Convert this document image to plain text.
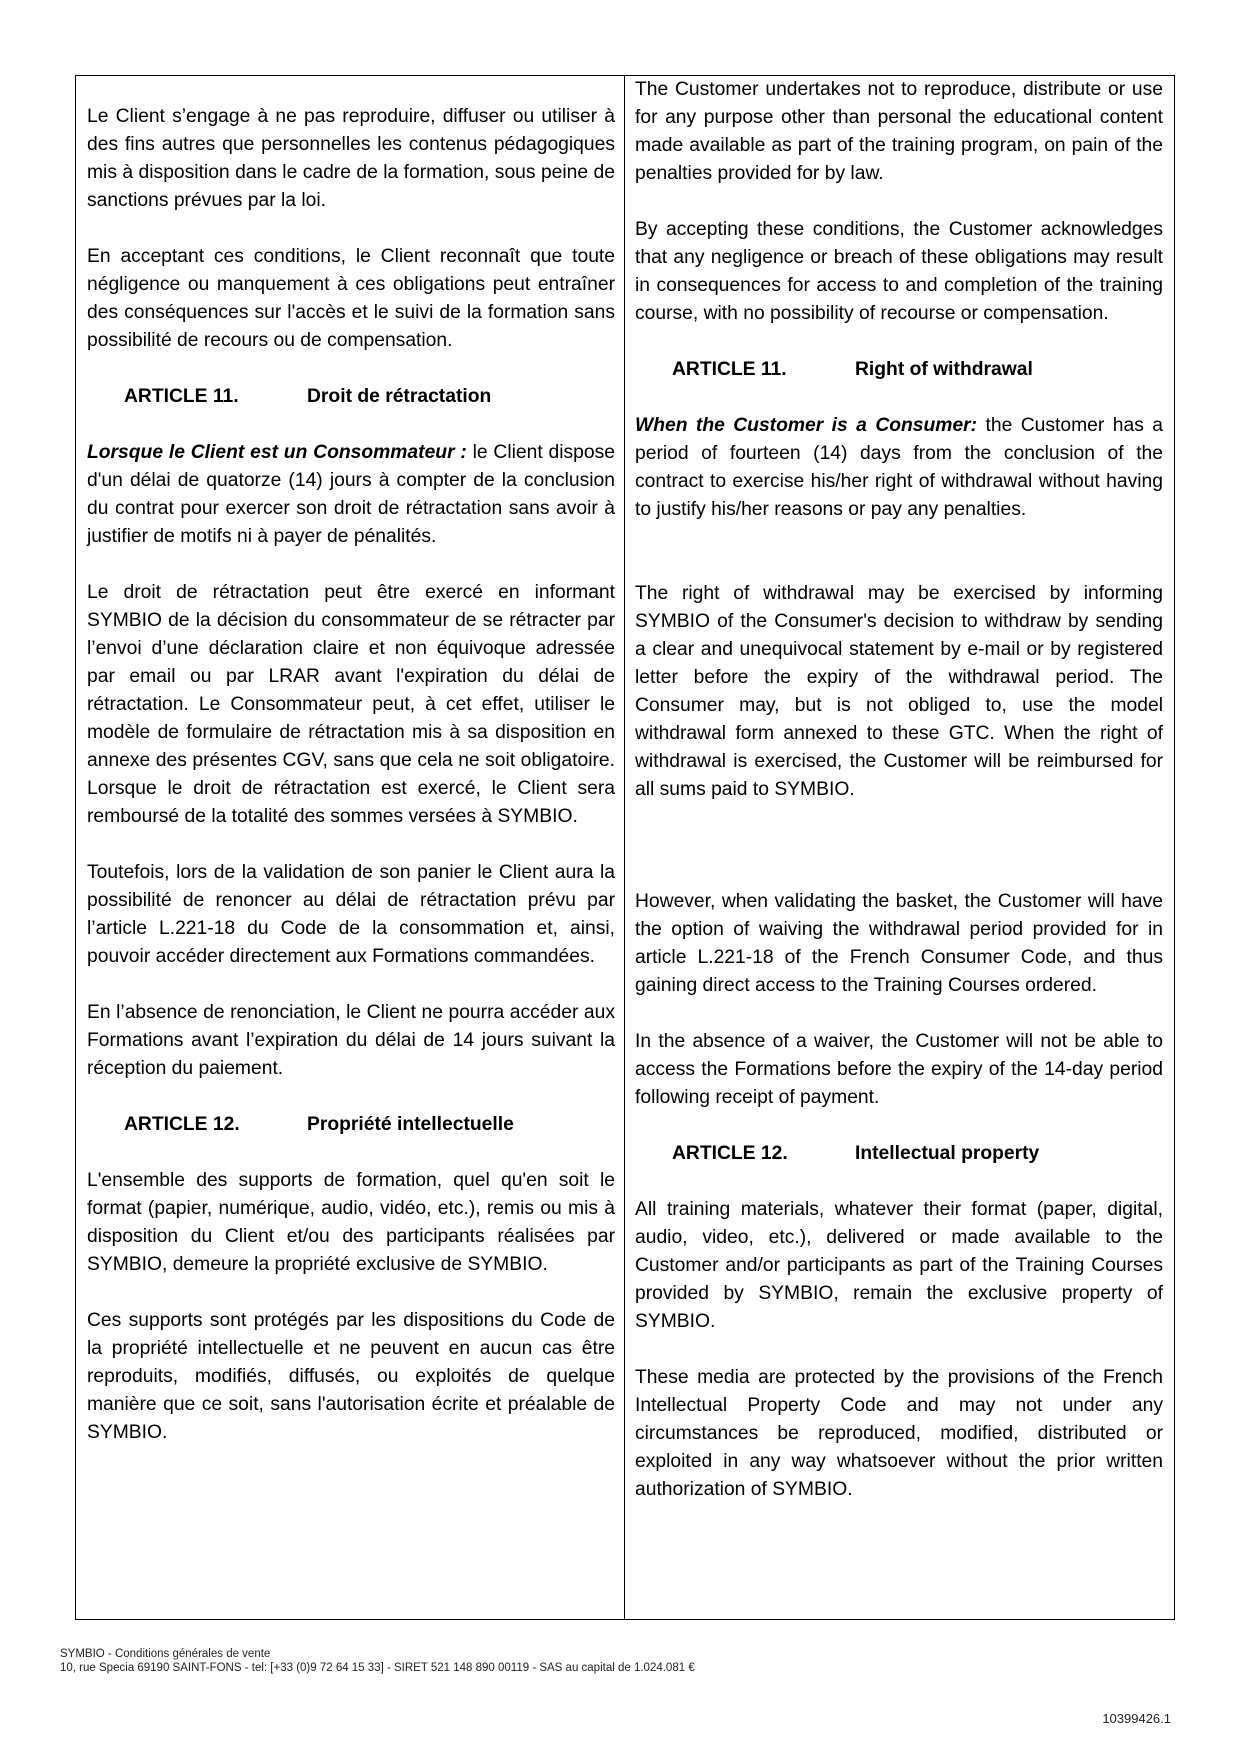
Le Client s’engage à ne pas reproduire, diffuser ou utiliser à des fins autres que personnelles les contenus pédagogiques mis à disposition dans le cadre de la formation, sous peine de sanctions prévues par la loi.

En acceptant ces conditions, le Client reconnaît que toute négligence ou manquement à ces obligations peut entraîner des conséquences sur l'accès et le suivi de la formation sans possibilité de recours ou de compensation.

ARTICLE 11.	Droit de rétractation

Lorsque le Client est un Consommateur : le Client dispose d'un délai de quatorze (14) jours à compter de la conclusion du contrat pour exercer son droit de rétractation sans avoir à justifier de motifs ni à payer de pénalités.

Le droit de rétractation peut être exercé en informant SYMBIO de la décision du consommateur de se rétracter par l’envoi d’une déclaration claire et non équivoque adressée par email ou par LRAR avant l'expiration du délai de rétractation. Le Consommateur peut, à cet effet, utiliser le modèle de formulaire de rétractation mis à sa disposition en annexe des présentes CGV, sans que cela ne soit obligatoire. Lorsque le droit de rétractation est exercé, le Client sera remboursé de la totalité des sommes versées à SYMBIO.

Toutefois, lors de la validation de son panier le Client aura la possibilité de renoncer au délai de rétractation prévu par l’article L.221-18 du Code de la consommation et, ainsi, pouvoir accéder directement aux Formations commandées.

En l’absence de renonciation, le Client ne pourra accéder aux Formations avant l’expiration du délai de 14 jours suivant la réception du paiement.

ARTICLE 12.	Propriété intellectuelle

L'ensemble des supports de formation, quel qu'en soit le format (papier, numérique, audio, vidéo, etc.), remis ou mis à disposition du Client et/ou des participants réalisées par SYMBIO, demeure la propriété exclusive de SYMBIO.

Ces supports sont protégés par les dispositions du Code de la propriété intellectuelle et ne peuvent en aucun cas être reproduits, modifiés, diffusés, ou exploités de quelque manière que ce soit, sans l'autorisation écrite et préalable de SYMBIO.

The Customer undertakes not to reproduce, distribute or use for any purpose other than personal the educational content made available as part of the training program, on pain of the penalties provided for by law.

By accepting these conditions, the Customer acknowledges that any negligence or breach of these obligations may result in consequences for access to and completion of the training course, with no possibility of recourse or compensation.

ARTICLE 11.	Right of withdrawal

When the Customer is a Consumer: the Customer has a period of fourteen (14) days from the conclusion of the contract to exercise his/her right of withdrawal without having to justify his/her reasons or pay any penalties.

The right of withdrawal may be exercised by informing SYMBIO of the Consumer's decision to withdraw by sending a clear and unequivocal statement by e-mail or by registered letter before the expiry of the withdrawal period. The Consumer may, but is not obliged to, use the model withdrawal form annexed to these GTC. When the right of withdrawal is exercised, the Customer will be reimbursed for all sums paid to SYMBIO.

However, when validating the basket, the Customer will have the option of waiving the withdrawal period provided for in article L.221-18 of the French Consumer Code, and thus gaining direct access to the Training Courses ordered.

In the absence of a waiver, the Customer will not be able to access the Formations before the expiry of the 14-day period following receipt of payment.

ARTICLE 12.	Intellectual property

All training materials, whatever their format (paper, digital, audio, video, etc.), delivered or made available to the Customer and/or participants as part of the Training Courses provided by SYMBIO, remain the exclusive property of SYMBIO.

These media are protected by the provisions of the French Intellectual Property Code and may not under any circumstances be reproduced, modified, distributed or exploited in any way whatsoever without the prior written authorization of SYMBIO.

SYMBIO - Conditions générales de vente
10, rue Specia 69190 SAINT-FONS - tel: [+33 (0)9 72 64 15 33] - SIRET 521 148 890 00119 - SAS au capital de 1.024.081 €
10399426.1
